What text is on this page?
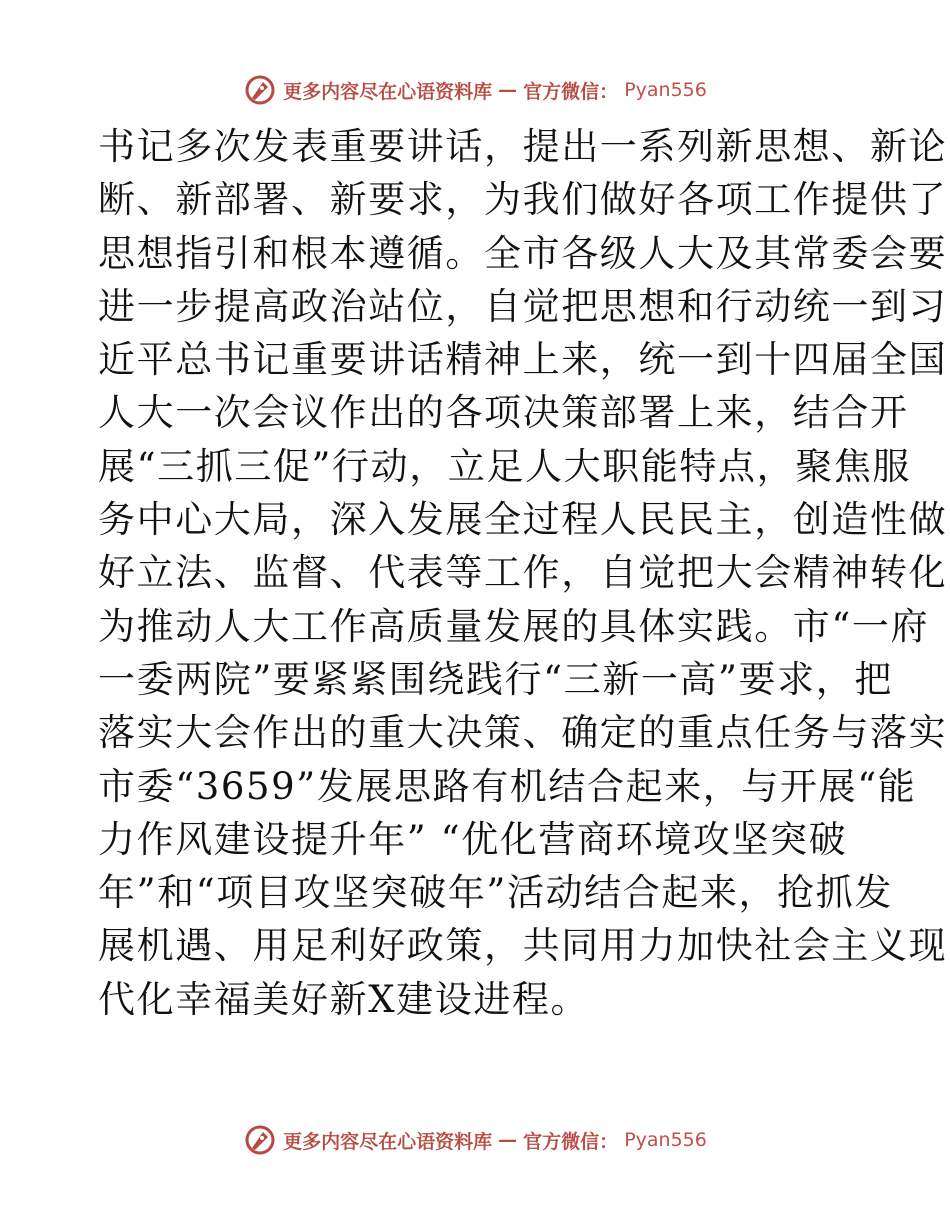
更多内容尽在心语资料库 — 官方微信： Pyan556
书记多次发表重要讲话，提出一系列新思想、新论
断、新部署、新要求，为我们做好各项工作提供了
思想指引和根本遵循。全市各级人大及其常委会要
进一步提高政治站位，自觉把思想和行动统一到习
近平总书记重要讲话精神上来，统一到十四届全国
人大一次会议作出的各项决策部署上来，结合开
展“三抓三促”行动，立足人大职能特点，聚焦服
务中心大局，深入发展全过程人民民主，创造性做
好立法、监督、代表等工作，自觉把大会精神转化
为推动人大工作高质量发展的具体实践。市“一府
一委两院”要紧紧围绕践行“三新一高”要求，把
落实大会作出的重大决策、确定的重点任务与落实
市委“3659”发展思路有机结合起来，与开展“能
力作风建设提升年” “优化营商环境攻坚突破
年”和“项目攻坚突破年”活动结合起来，抢抓发
展机遇、用足利好政策，共同用力加快社会主义现
代化幸福美好新X建设进程。
更多内容尽在心语资料库 — 官方微信： Pyan556
